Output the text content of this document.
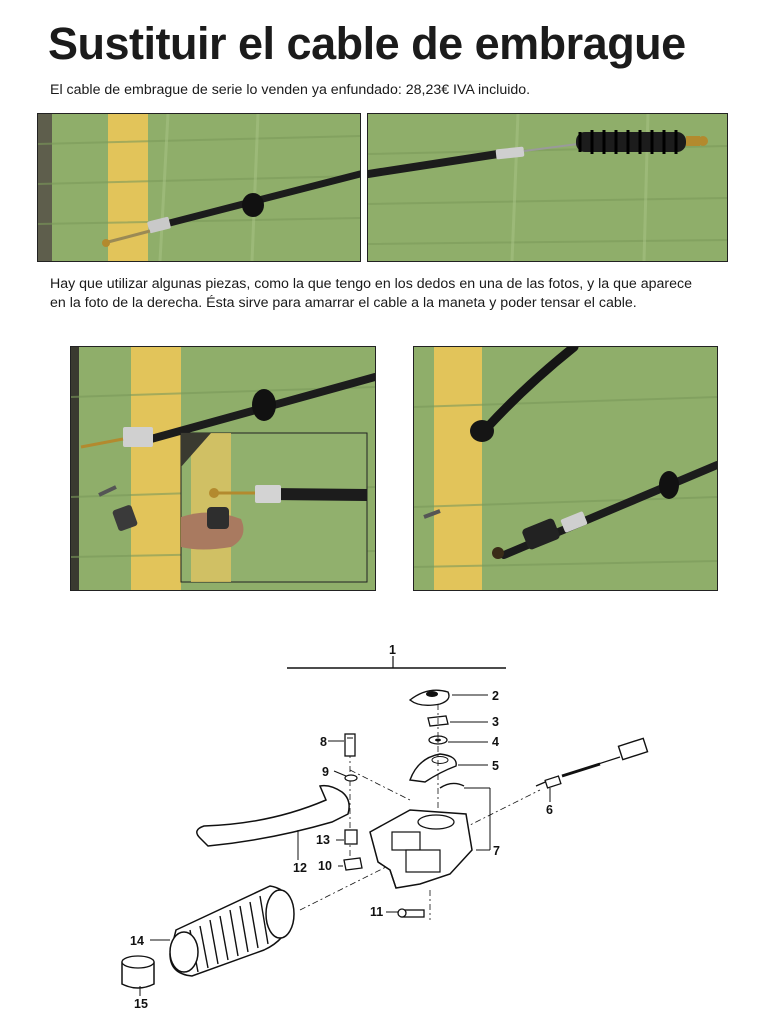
Sustituir el cable de embrague

El cable de embrague de serie lo venden ya enfundado: 28,23€ IVA incluido.

Hay que utilizar algunas piezas, como la que tengo en los dedos en una de las fotos, y la que aparece en la foto de la derecha. Ésta sirve para amarrar el cable a la maneta y poder tensar el cable.

1
2
3
4
5
6
7
8
9
12
13
10
11
14
15
